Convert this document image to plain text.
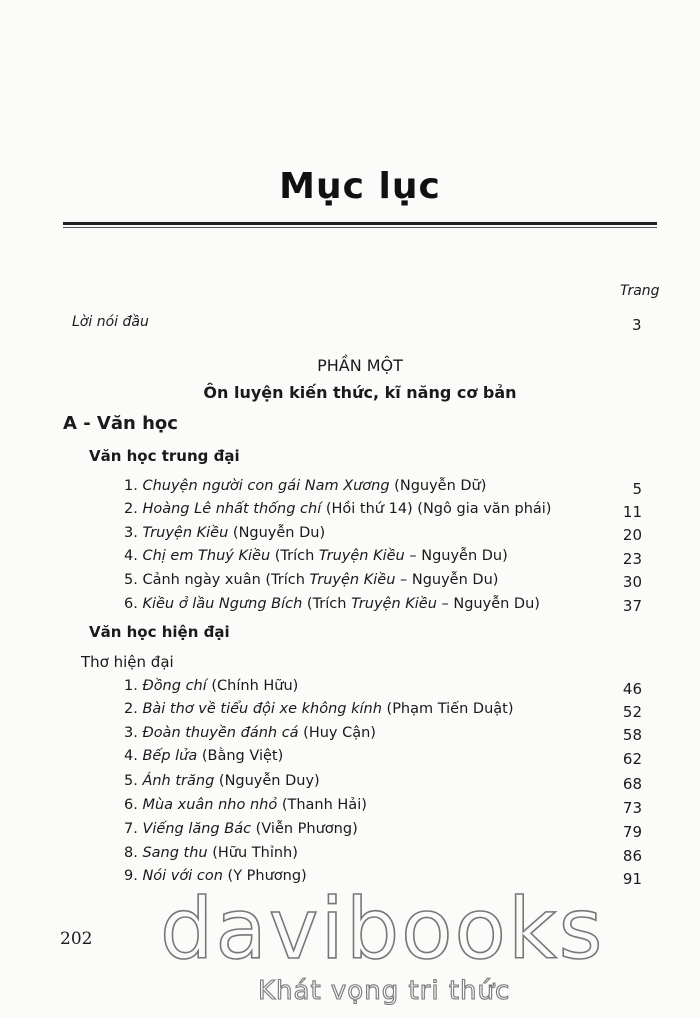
Mục lục
Trang
Lời nói đầu	3
PHẦN MỘT
Ôn luyện kiến thức, kĩ năng cơ bản
A - Văn học
Văn học trung đại
1. Chuyện người con gái Nam Xương (Nguyễn Dữ)	5
2. Hoàng Lê nhất thống chí (Hồi thứ 14) (Ngô gia văn phái)	11
3. Truyện Kiều (Nguyễn Du)	20
4. Chị em Thuý Kiều (Trích Truyện Kiều – Nguyễn Du)	23
5. Cảnh ngày xuân (Trích Truyện Kiều – Nguyễn Du)	30
6. Kiều ở lầu Ngưng Bích (Trích Truyện Kiều – Nguyễn Du)	37
Văn học hiện đại
Thơ hiện đại
1. Đồng chí (Chính Hữu)	46
2. Bài thơ về tiểu đội xe không kính (Phạm Tiến Duật)	52
3. Đoàn thuyền đánh cá (Huy Cận)	58
4. Bếp lửa (Bằng Việt)	62
5. Ánh trăng (Nguyễn Duy)	68
6. Mùa xuân nho nhỏ (Thanh Hải)	73
7. Viếng lăng Bác (Viễn Phương)	79
8. Sang thu (Hữu Thỉnh)	86
9. Nói với con (Y Phương)	91
202 davibooks
Khát vọng tri thức
